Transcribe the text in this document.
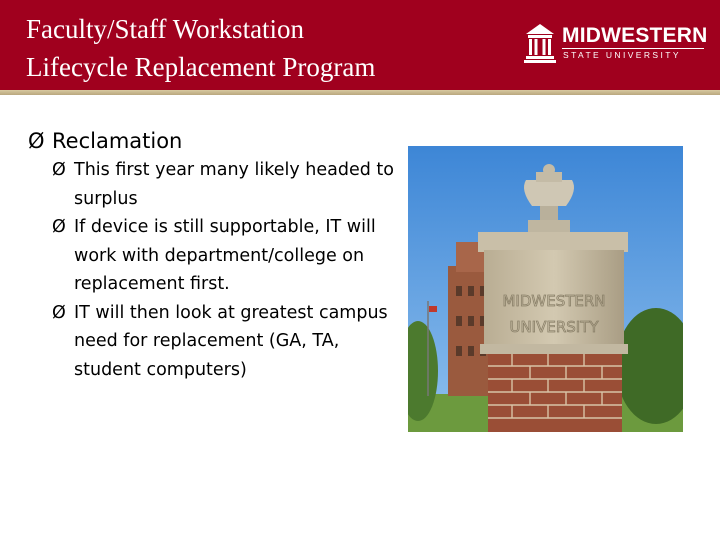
Faculty/Staff Workstation
Lifecycle Replacement Program
MIDWESTERN
STATE UNIVERSITY
Ø Reclamation
Ø This first year many likely headed to surplus
Ø If device is still supportable, IT will work with department/college on replacement first.
Ø IT will then look at greatest campus need for replacement (GA, TA, student computers)
MIDWESTERN
UNIVERSITY
